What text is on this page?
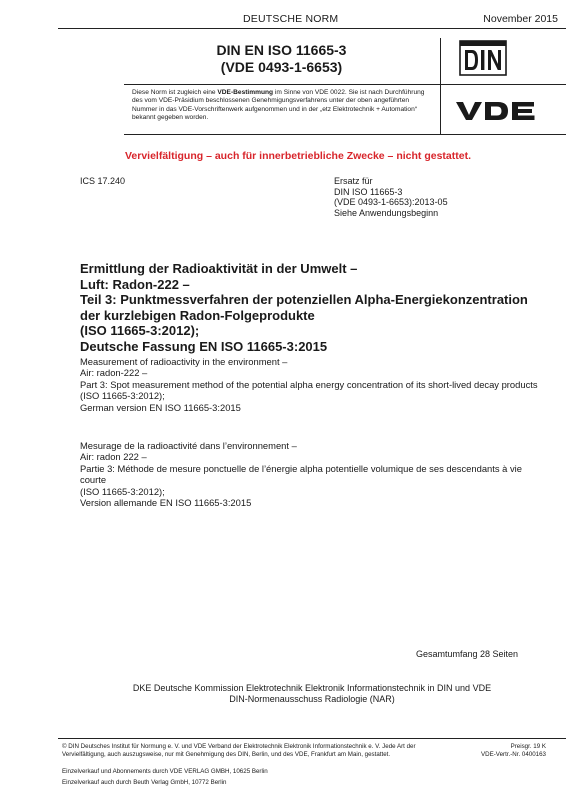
DEUTSCHE NORM	November 2015
DIN EN ISO 11665-3
(VDE 0493-1-6653)
Diese Norm ist zugleich eine VDE-Bestimmung im Sinne von VDE 0022. Sie ist nach Durchführung des vom VDE-Präsidium beschlossenen Genehmigungsverfahrens unter der oben angeführten Nummer in das VDE-Vorschriftenwerk aufgenommen und in der „etz Elektrotechnik + Automation“ bekannt gegeben worden.
Vervielfältigung – auch für innerbetriebliche Zwecke – nicht gestattet.
ICS 17.240	Ersatz für
DIN ISO 11665-3
(VDE 0493-1-6653):2013-05
Siehe Anwendungsbeginn
Ermittlung der Radioaktivität in der Umwelt –
Luft: Radon-222 –
Teil 3: Punktmessverfahren der potenziellen Alpha-Energiekonzentration
der kurzlebigen Radon-Folgeprodukte
(ISO 11665-3:2012);
Deutsche Fassung EN ISO 11665-3:2015
Measurement of radioactivity in the environment –
Air: radon-222 –
Part 3: Spot measurement method of the potential alpha energy concentration of its short-lived decay products
(ISO 11665-3:2012);
German version EN ISO 11665-3:2015
Mesurage de la radioactivité dans l’environnement –
Air: radon 222 –
Partie 3: Méthode de mesure ponctuelle de l’énergie alpha potentielle volumique de ses descendants à vie courte
(ISO 11665-3:2012);
Version allemande EN ISO 11665-3:2015
Gesamtumfang 28 Seiten
DKE Deutsche Kommission Elektrotechnik Elektronik Informationstechnik in DIN und VDE
DIN-Normenausschuss Radiologie (NAR)
© DIN Deutsches Institut für Normung e. V. und VDE Verband der Elektrotechnik Elektronik Informationstechnik e. V. Jede Art der Vervielfältigung, auch auszugsweise, nur mit Genehmigung des DIN, Berlin, und des VDE, Frankfurt am Main, gestattet.
Preisgr. 19 K
VDE-Vertr.-Nr. 0400163
Einzelverkauf und Abonnements durch VDE VERLAG GMBH, 10625 Berlin
Einzelverkauf auch durch Beuth Verlag GmbH, 10772 Berlin
